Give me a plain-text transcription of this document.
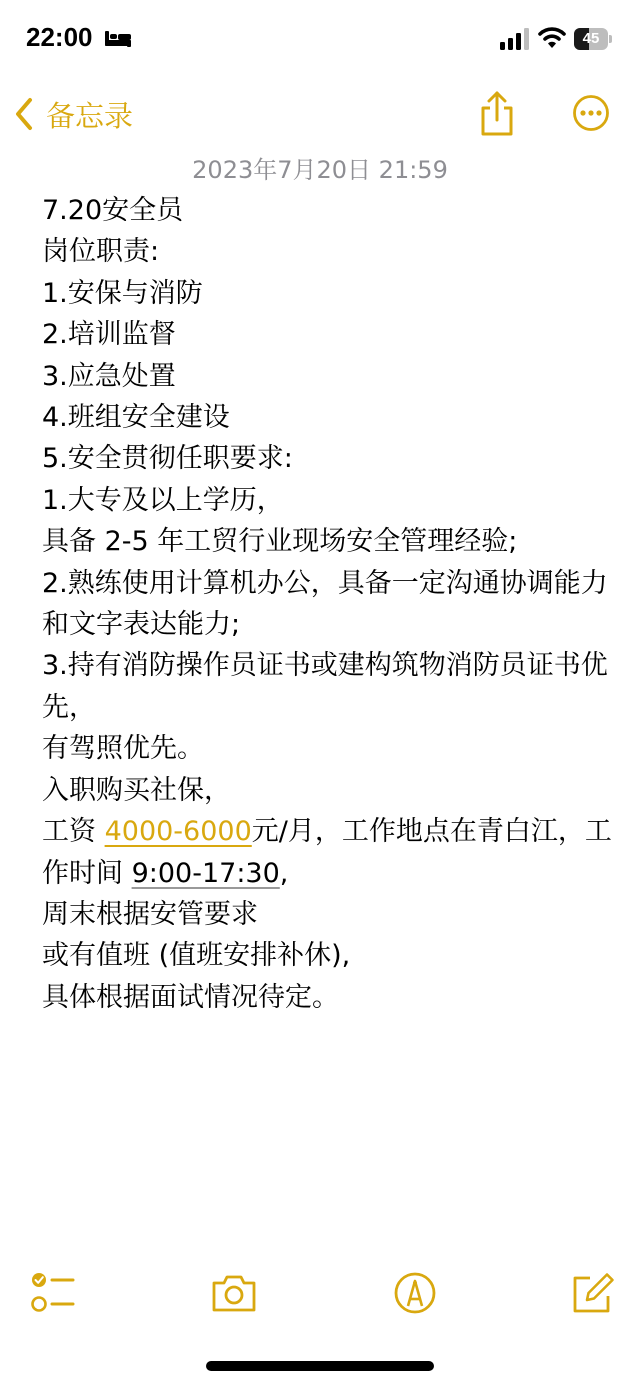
22:00	45
备忘录
2023年7月20日 21:59
7.20安全员
岗位职责:
1.安保与消防
2.培训监督
3.应急处置
4.班组安全建设
5.安全贯彻任职要求:
1.大专及以上学历，
具备 2-5 年工贸行业现场安全管理经验;
2.熟练使用计算机办公，具备一定沟通协调能力
和文字表达能力;
3.持有消防操作员证书或建构筑物消防员证书优先，
有驾照优先。
入职购买社保，
工资 4000-6000元/月，工作地点在青白江，工作时间 9:00-17:30,
周末根据安管要求
或有值班 (值班安排补休),
具体根据面试情况待定。
